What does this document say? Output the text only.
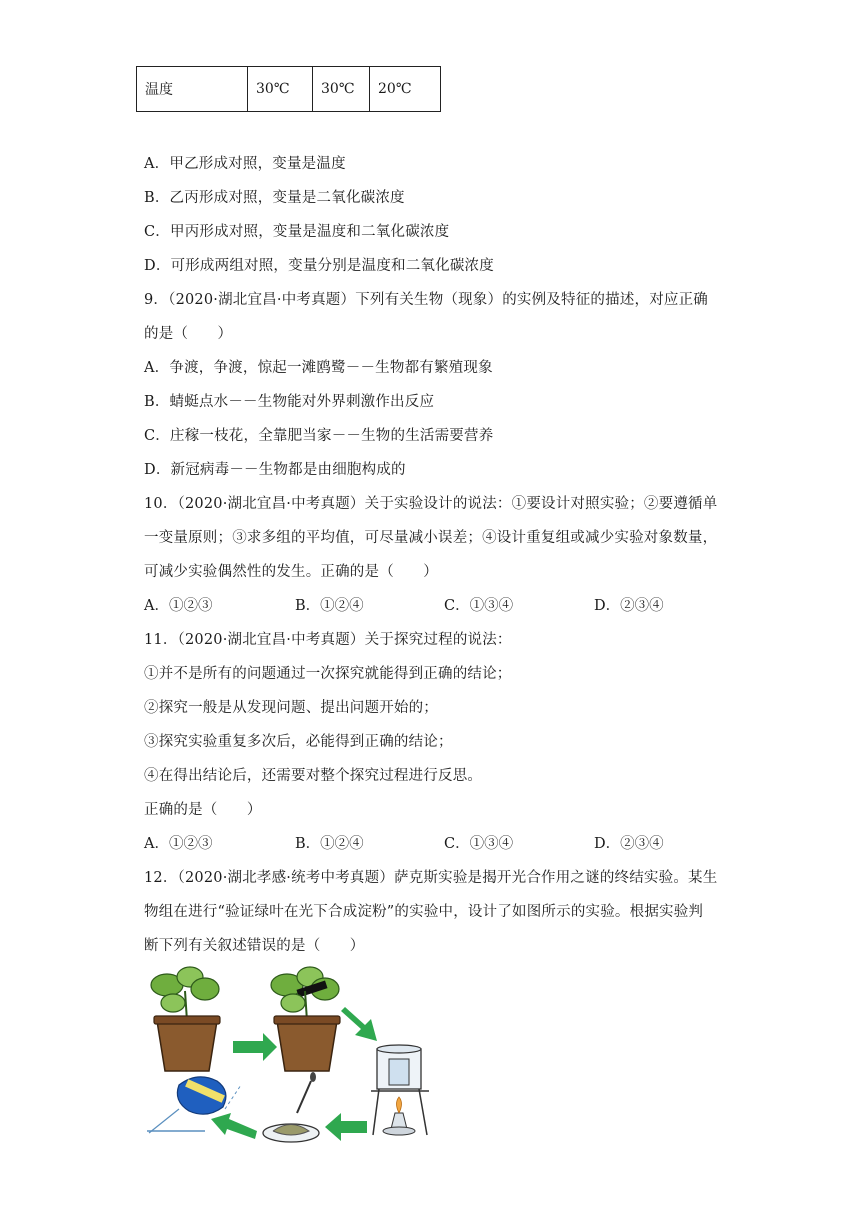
温度	30℃	30℃	20℃
A．甲乙形成对照，变量是温度
B．乙丙形成对照，变量是二氧化碳浓度
C．甲丙形成对照，变量是温度和二氧化碳浓度
D．可形成两组对照，变量分别是温度和二氧化碳浓度
9．（2020·湖北宜昌·中考真题）下列有关生物（现象）的实例及特征的描述，对应正确
的是（　　）
A．争渡，争渡，惊起一滩鸥鹭－－生物都有繁殖现象
B．蜻蜓点水－－生物能对外界刺激作出反应
C．庄稼一枝花，全靠肥当家－－生物的生活需要营养
D．新冠病毒－－生物都是由细胞构成的
10．（2020·湖北宜昌·中考真题）关于实验设计的说法：①要设计对照实验；②要遵循单
一变量原则；③求多组的平均值，可尽量减小误差；④设计重复组或减少实验对象数量，
可减少实验偶然性的发生。正确的是（　　）
A．①②③	B．①②④	C．①③④	D．②③④
11．（2020·湖北宜昌·中考真题）关于探究过程的说法：
①并不是所有的问题通过一次探究就能得到正确的结论；
②探究一般是从发现问题、提出问题开始的；
③探究实验重复多次后，必能得到正确的结论；
④在得出结论后，还需要对整个探究过程进行反思。
正确的是（　　）
A．①②③	B．①②④	C．①③④	D．②③④
12．（2020·湖北孝感·统考中考真题）萨克斯实验是揭开光合作用之谜的终结实验。某生
物组在进行“验证绿叶在光下合成淀粉”的实验中，设计了如图所示的实验。根据实验判
断下列有关叙述错误的是（　　）
